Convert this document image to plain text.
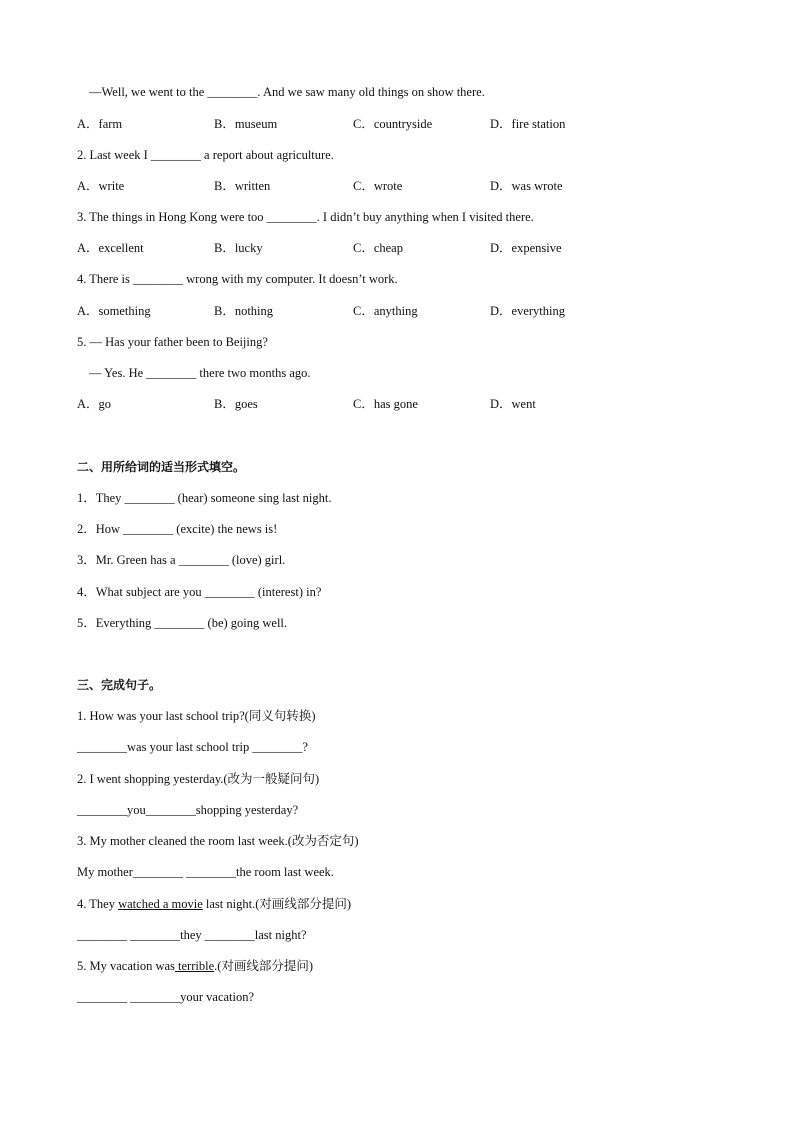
—Well, we went to the ________. And we saw many old things on show there.
A．farm	B．museum	C．countryside	D．fire station
2. Last week I ________ a report about agriculture.
A．write	B．written	C．wrote	D．was wrote
3. The things in Hong Kong were too ________. I didn’t buy anything when I visited there.
A．excellent	B．lucky	C．cheap	D．expensive
4. There is ________ wrong with my computer. It doesn’t work.
A．something	B．nothing	C．anything	D．everything
5. — Has your father been to Beijing?
— Yes. He ________ there two months ago.
A．go	B．goes	C．has gone	D．went
二、用所给词的适当形式填空。
1．They ________ (hear) someone sing last night.
2．How ________ (excite) the news is!
3．Mr. Green has a ________ (love) girl.
4．What subject are you ________ (interest) in?
5．Everything ________ (be) going well.
三、完成句子。
1. How was your last school trip?(同义句转换)
________was your last school trip ________?
2. I went shopping yesterday.(改为一般疑问句)
________you________shopping yesterday?
3. My mother cleaned the room last week.(改为否定句)
My mother________ ________the room last week.
4. They watched a movie last night.(对画线部分提问)
________ ________they ________last night?
5. My vacation was terrible.(对画线部分提问)
________ ________your vacation?
